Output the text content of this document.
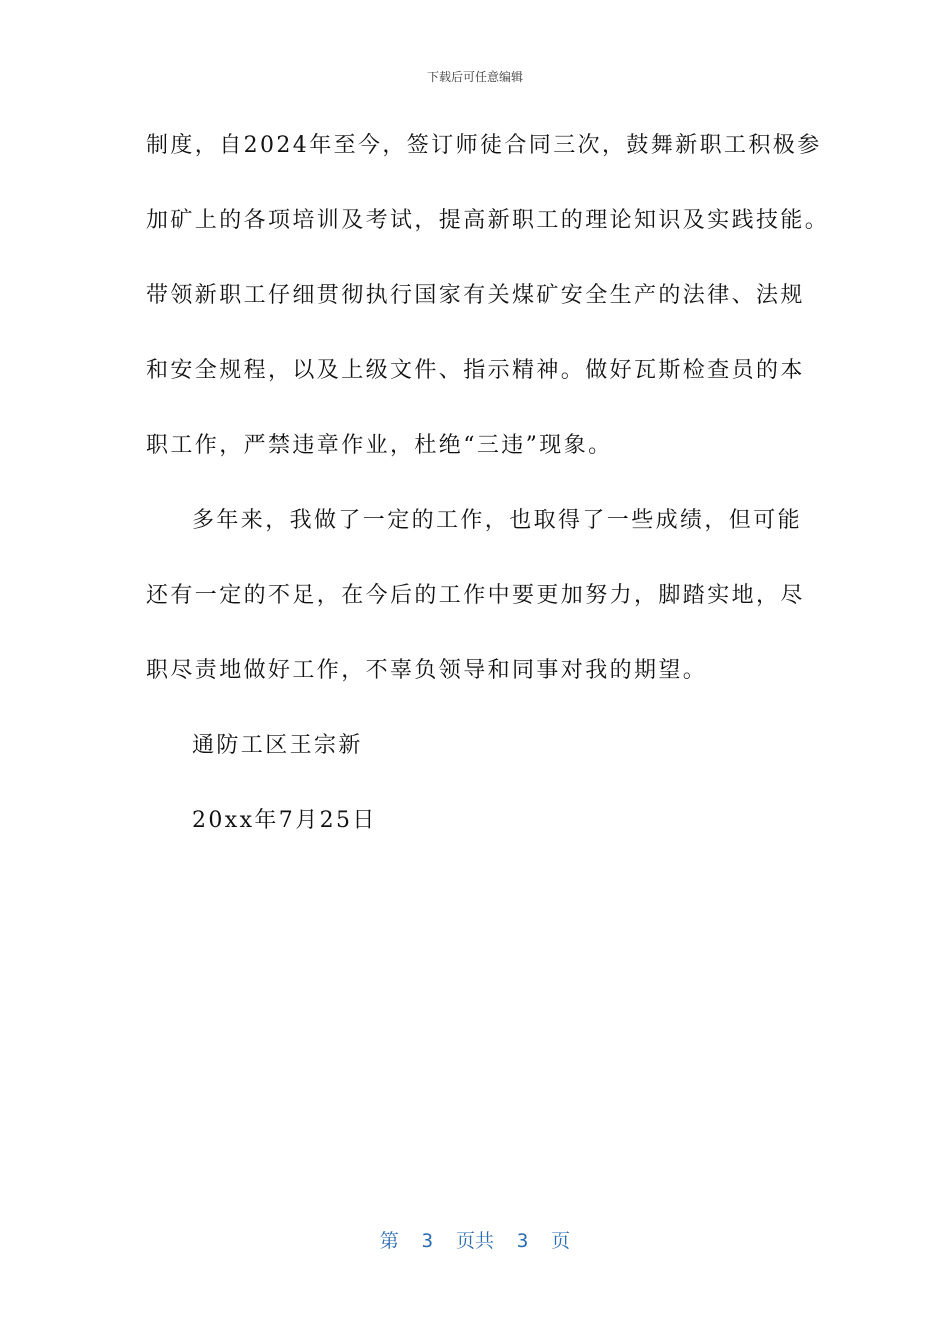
下载后可任意编辑
制度，自2024年至今，签订师徒合同三次，鼓舞新职工积极参
加矿上的各项培训及考试，提高新职工的理论知识及实践技能。
带领新职工仔细贯彻执行国家有关煤矿安全生产的法律、法规
和安全规程，以及上级文件、指示精神。做好瓦斯检查员的本
职工作，严禁违章作业，杜绝“三违”现象。
多年来，我做了一定的工作，也取得了一些成绩，但可能
还有一定的不足，在今后的工作中要更加努力，脚踏实地，尽
职尽责地做好工作，不辜负领导和同事对我的期望。
通防工区王宗新
20xx年7月25日
第  3  页共  3  页
